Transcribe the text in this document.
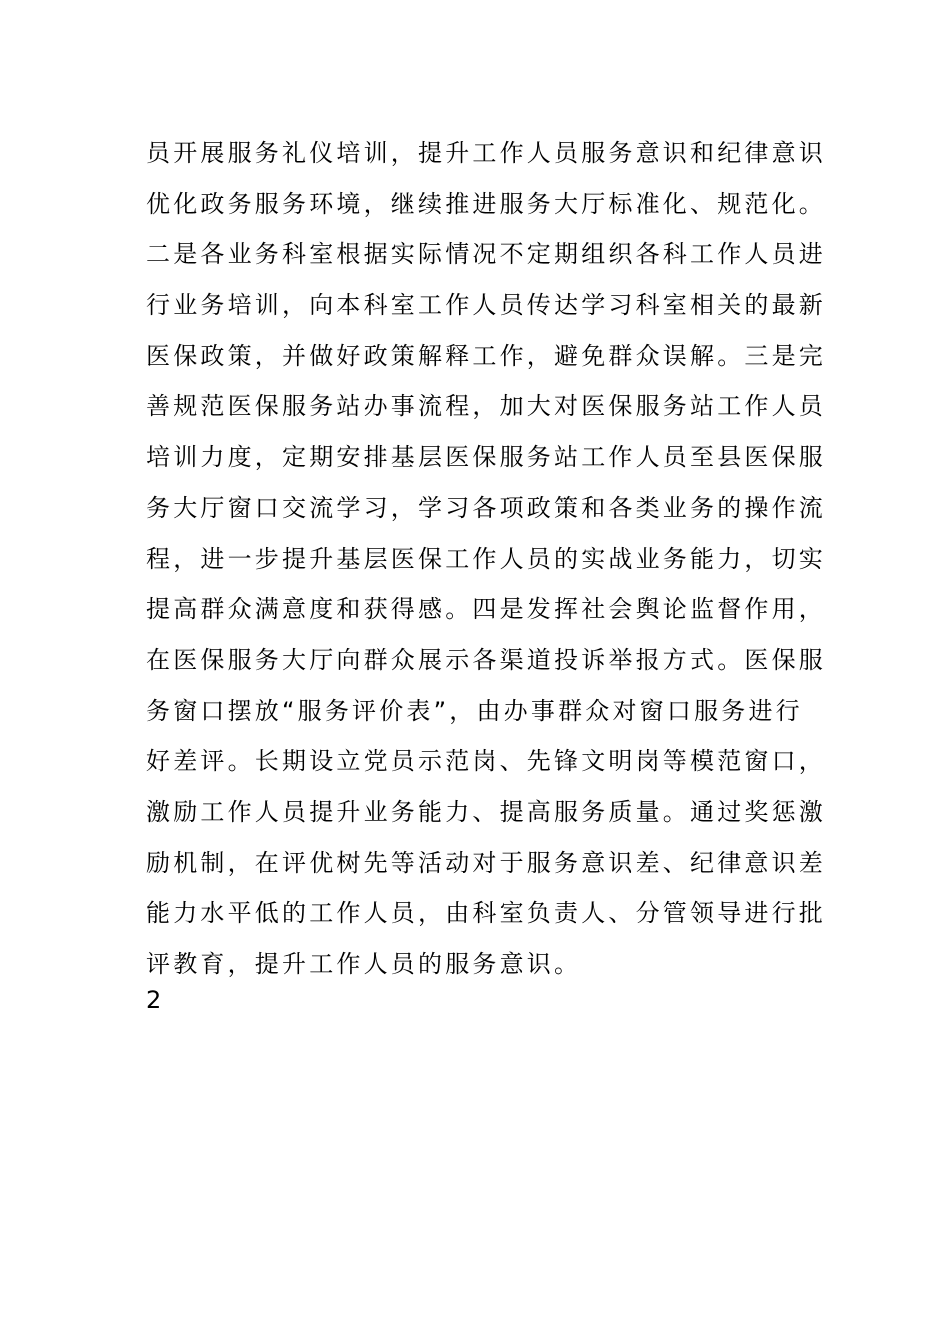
员开展服务礼仪培训，提升工作人员服务意识和纪律意识
优化政务服务环境，继续推进服务大厅标准化、规范化。
二是各业务科室根据实际情况不定期组织各科工作人员进
行业务培训，向本科室工作人员传达学习科室相关的最新
医保政策，并做好政策解释工作，避免群众误解。三是完
善规范医保服务站办事流程，加大对医保服务站工作人员
培训力度，定期安排基层医保服务站工作人员至县医保服
务大厅窗口交流学习，学习各项政策和各类业务的操作流
程，进一步提升基层医保工作人员的实战业务能力，切实
提高群众满意度和获得感。四是发挥社会舆论监督作用，
在医保服务大厅向群众展示各渠道投诉举报方式。医保服
务窗口摆放“服务评价表”，由办事群众对窗口服务进行
好差评。长期设立党员示范岗、先锋文明岗等模范窗口，
激励工作人员提升业务能力、提高服务质量。通过奖惩激
励机制，在评优树先等活动对于服务意识差、纪律意识差
能力水平低的工作人员，由科室负责人、分管领导进行批
评教育，提升工作人员的服务意识。
2
